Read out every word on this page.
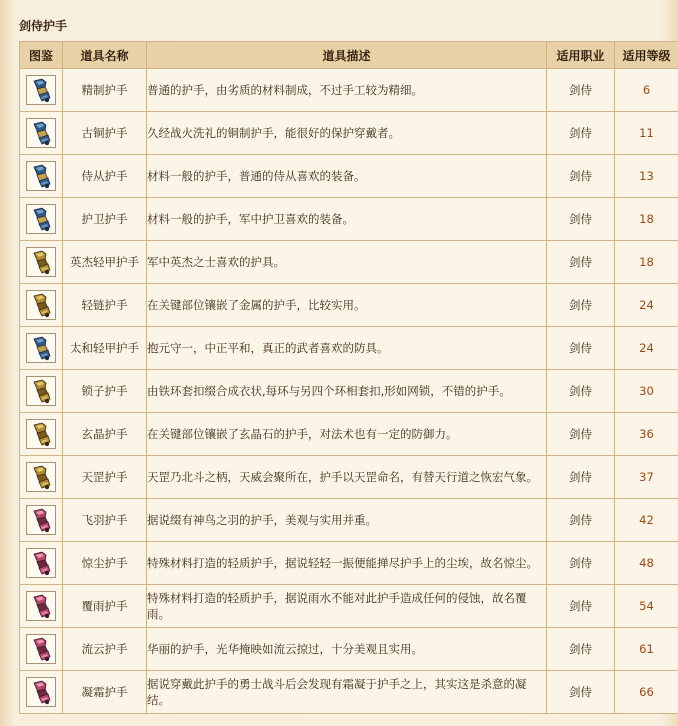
剑侍护手
图鉴	道具名称	道具描述	适用职业	适用等级

	精制护手	普通的护手，由劣质的材料制成，不过手工较为精细。	剑侍	6

	古铜护手	久经战火洗礼的铜制护手，能很好的保护穿戴者。	剑侍	11

	侍从护手	材料一般的护手，普通的侍从喜欢的装备。	剑侍	13

	护卫护手	材料一般的护手，军中护卫喜欢的装备。	剑侍	18

	英杰轻甲护手	军中英杰之士喜欢的护具。	剑侍	18

	轻链护手	在关键部位镶嵌了金属的护手，比较实用。	剑侍	24

	太和轻甲护手	抱元守一，中正平和，真正的武者喜欢的防具。	剑侍	24

	锁子护手	由铁环套扣缀合成衣状,每环与另四个环相套扣,形如网锁，不错的护手。	剑侍	30

	玄晶护手	在关键部位镶嵌了玄晶石的护手，对法术也有一定的防御力。	剑侍	36

	天罡护手	天罡乃北斗之柄，天威会聚所在，护手以天罡命名，有替天行道之恢宏气象。	剑侍	37

	飞羽护手	据说缀有神鸟之羽的护手，美观与实用并重。	剑侍	42

	惊尘护手	特殊材料打造的轻质护手，据说轻轻一振便能掸尽护手上的尘埃，故名惊尘。	剑侍	48

	覆雨护手	特殊材料打造的轻质护手，据说雨水不能对此护手造成任何的侵蚀，故名覆雨。	剑侍	54

	流云护手	华丽的护手，光华掩映如流云掠过，十分美观且实用。	剑侍	61

	凝霜护手	据说穿戴此护手的勇士战斗后会发现有霜凝于护手之上，其实这是杀意的凝结。	剑侍	66
